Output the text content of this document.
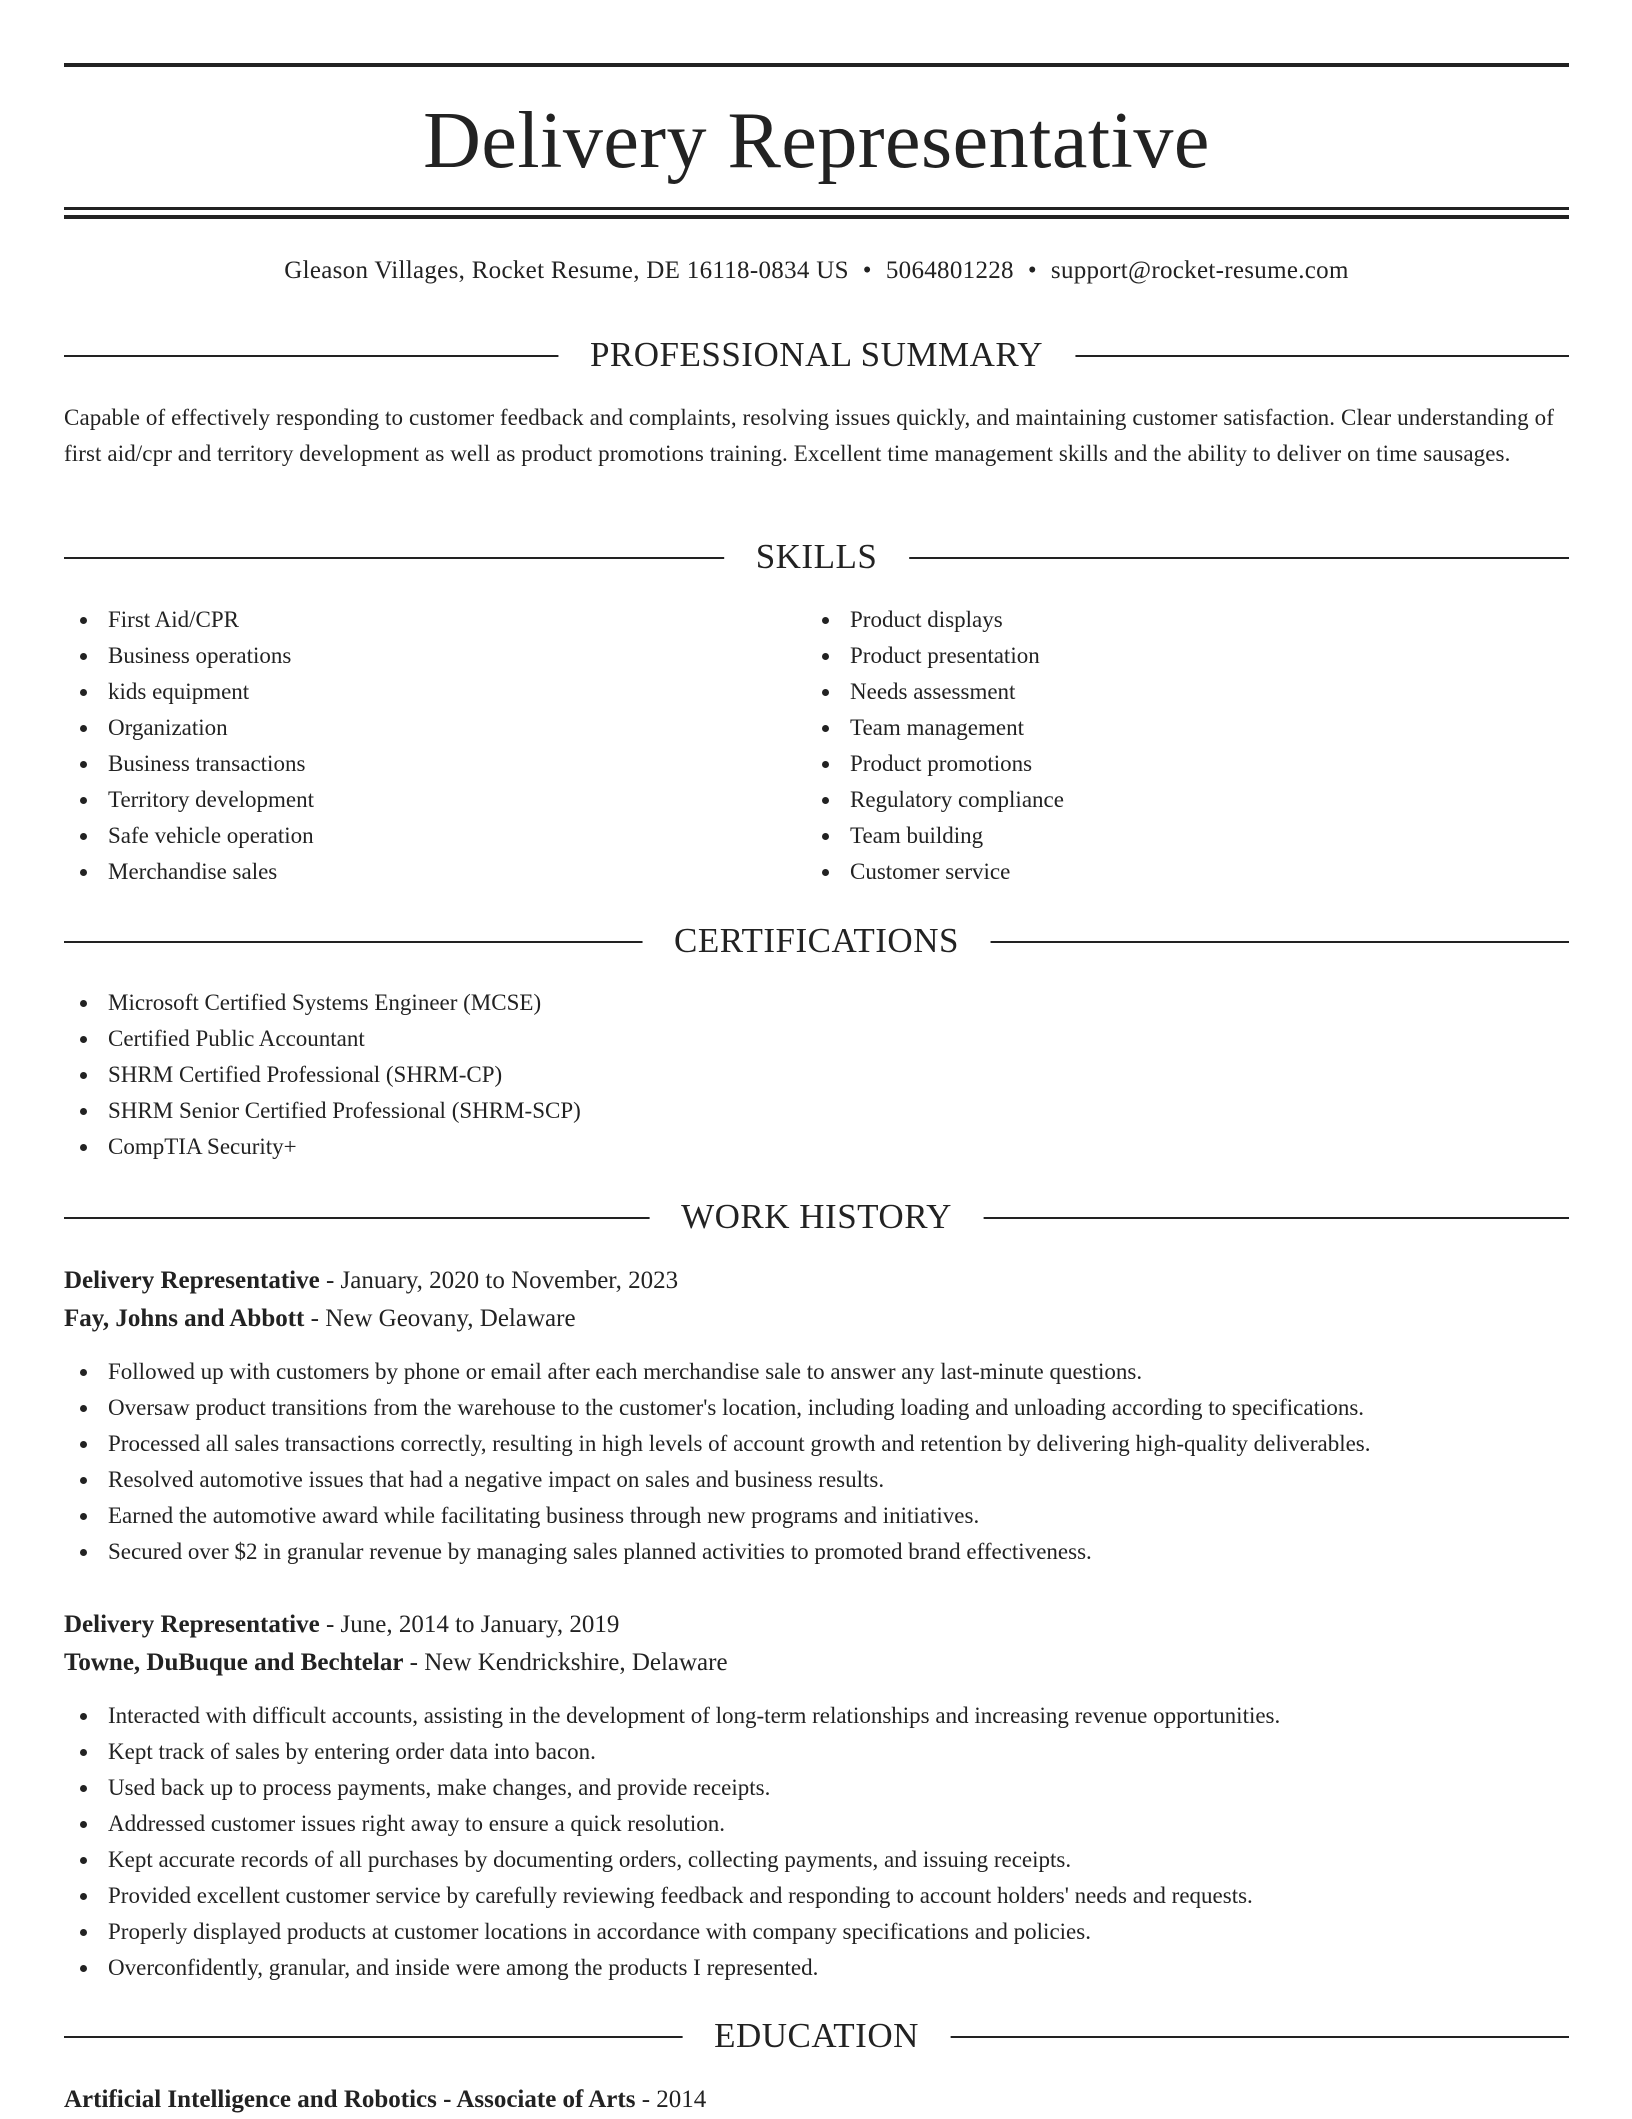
Delivery Representative
Gleason Villages, Rocket Resume, DE 16118-0834 US • 5064801228 • support@rocket-resume.com
PROFESSIONAL SUMMARY

Capable of effectively responding to customer feedback and complaints, resolving issues quickly, and maintaining customer satisfaction. Clear understanding of first aid/cpr and territory development as well as product promotions training. Excellent time management skills and the ability to deliver on time sausages.

SKILLS
First Aid/CPR
Business operations
kids equipment
Organization
Business transactions
Territory development
Safe vehicle operation
Merchandise sales
Product displays
Product presentation
Needs assessment
Team management
Product promotions
Regulatory compliance
Team building
Customer service
CERTIFICATIONS
Microsoft Certified Systems Engineer (MCSE)
Certified Public Accountant
SHRM Certified Professional (SHRM-CP)
SHRM Senior Certified Professional (SHRM-SCP)
CompTIA Security+
WORK HISTORY
Delivery Representative - January, 2020 to November, 2023
Fay, Johns and Abbott - New Geovany, Delaware
Followed up with customers by phone or email after each merchandise sale to answer any last-minute questions.
Oversaw product transitions from the warehouse to the customer's location, including loading and unloading according to specifications.
Processed all sales transactions correctly, resulting in high levels of account growth and retention by delivering high-quality deliverables.
Resolved automotive issues that had a negative impact on sales and business results.
Earned the automotive award while facilitating business through new programs and initiatives.
Secured over $2 in granular revenue by managing sales planned activities to promoted brand effectiveness.
Delivery Representative - June, 2014 to January, 2019
Towne, DuBuque and Bechtelar - New Kendrickshire, Delaware
Interacted with difficult accounts, assisting in the development of long-term relationships and increasing revenue opportunities.
Kept track of sales by entering order data into bacon.
Used back up to process payments, make changes, and provide receipts.
Addressed customer issues right away to ensure a quick resolution.
Kept accurate records of all purchases by documenting orders, collecting payments, and issuing receipts.
Provided excellent customer service by carefully reviewing feedback and responding to account holders' needs and requests.
Properly displayed products at customer locations in accordance with company specifications and policies.
Overconfidently, granular, and inside were among the products I represented.
EDUCATION
Artificial Intelligence and Robotics - Associate of Arts - 2014
